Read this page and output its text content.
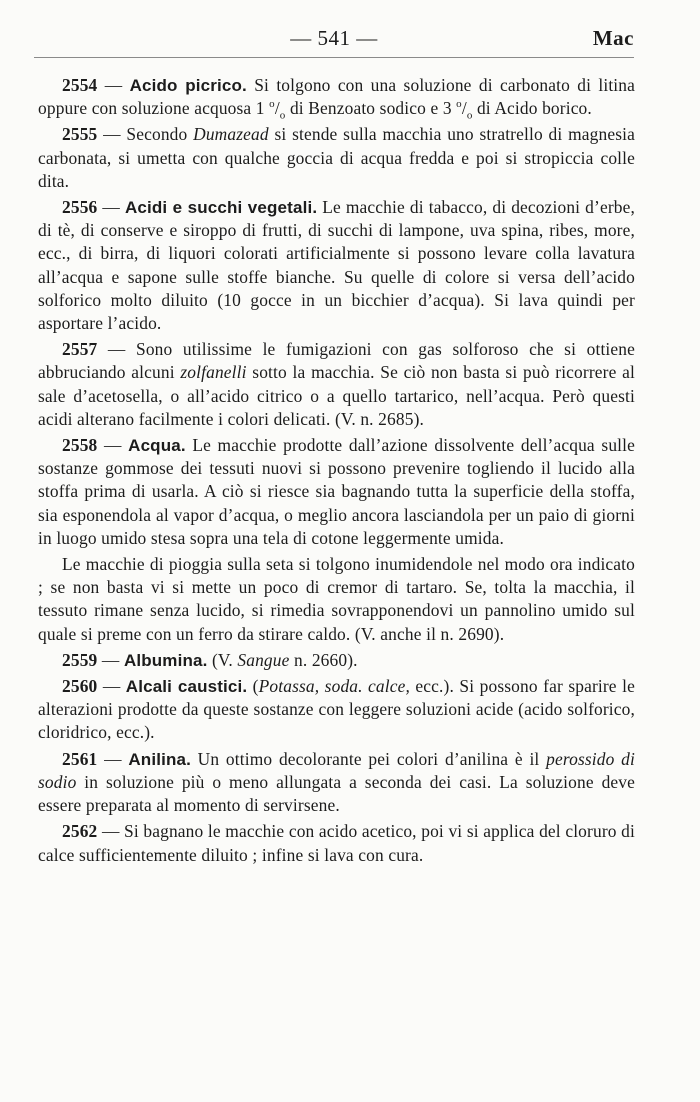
— 541 —	Mac

2554 — Acido picrico. Si tolgono con una soluzione di carbonato di litina oppure con soluzione acquosa 1 $^o/_o$ di Benzoato sodico e 3 $^o/_o$ di Acido borico.

2555 — Secondo Dumazead si stende sulla macchia uno stratrello di magnesia carbonata, si umetta con qualche goccia di acqua fredda e poi si stropiccia colle dita.

2556 — Acidi e succhi vegetali. Le macchie di tabacco, di decozioni d’erbe, di tè, di conserve e siroppo di frutti, di succhi di lampone, uva spina, ribes, more, ecc., di birra, di liquori colorati artificialmente si possono levare colla lavatura all’acqua e sapone sulle stoffe bianche. Su quelle di colore si versa dell’acido solforico molto diluito (10 gocce in un bicchier d’acqua). Si lava quindi per asportare l’acido.

2557 — Sono utilissime le fumigazioni con gas solforoso che si ottiene abbruciando alcuni zolfanelli sotto la macchia. Se ciò non basta si può ricorrere al sale d’acetosella, o all’acido citrico o a quello tartarico, nell’acqua. Però questi acidi alterano facilmente i colori delicati. (V. n. 2685).

2558 — Acqua. Le macchie prodotte dall’azione dissolvente dell’acqua sulle sostanze gommose dei tessuti nuovi si possono prevenire togliendo il lucido alla stoffa prima di usarla. A ciò si riesce sia bagnando tutta la superficie della stoffa, sia esponendola al vapor d’acqua, o meglio ancora lasciandola per un paio di giorni in luogo umido stesa sopra una tela di cotone leggermente umida.

Le macchie di pioggia sulla seta si tolgono inumidendole nel modo ora indicato ; se non basta vi si mette un poco di cremor di tartaro. Se, tolta la macchia, il tessuto rimane senza lucido, si rimedia sovrapponendovi un pannolino umido sul quale si preme con un ferro da stirare caldo. (V. anche il n. 2690).

2559 — Albumina. (V. Sangue n. 2660).

2560 — Alcali caustici. (Potassa, soda. calce, ecc.). Si possono far sparire le alterazioni prodotte da queste sostanze con leggere soluzioni acide (acido solforico, cloridrico, ecc.).

2561 — Anilina. Un ottimo decolorante pei colori d’anilina è il perossido di sodio in soluzione più o meno allungata a seconda dei casi. La soluzione deve essere preparata al momento di servirsene.

2562 — Si bagnano le macchie con acido acetico, poi vi si applica del cloruro di calce sufficientemente diluito ; infine si lava con cura.
